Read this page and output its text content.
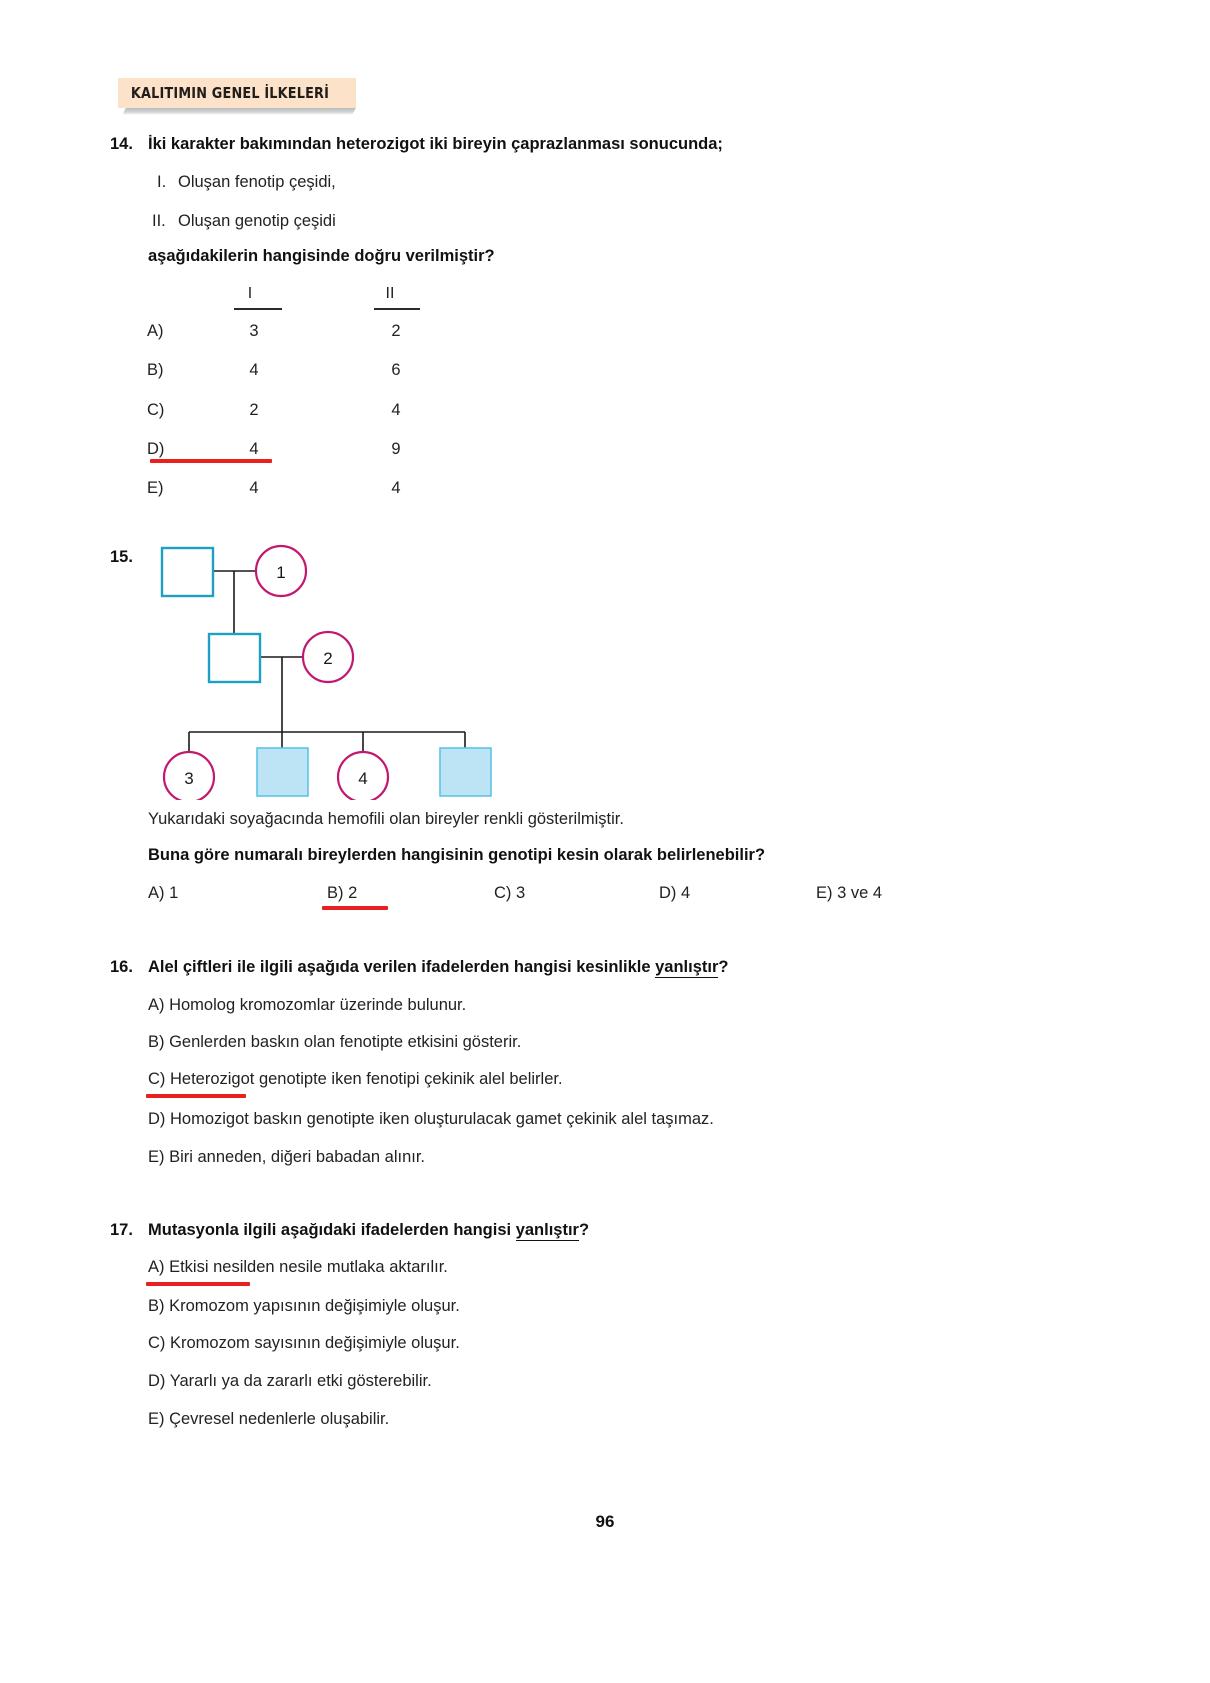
KALITIMIN GENEL İLKELERİ
14. İki karakter bakımından heterozigot iki bireyin çaprazlanması sonucunda;
I. Oluşan fenotip çeşidi,
II. Oluşan genotip çeşidi
aşağıdakilerin hangisinde doğru verilmiştir?
I	II
A)	3	2
B)	4	6
C)	2	4
D)	4	9
E)	4	4
15.
1
2
3	4
Yukarıdaki soyağacında hemofili olan bireyler renkli gösterilmiştir.
Buna göre numaralı bireylerden hangisinin genotipi kesin olarak belirlenebilir?
A) 1	B) 2	C) 3	D) 4	E) 3 ve 4
16. Alel çiftleri ile ilgili aşağıda verilen ifadelerden hangisi kesinlikle yanlıştır?
A) Homolog kromozomlar üzerinde bulunur.
B) Genlerden baskın olan fenotipte etkisini gösterir.
C) Heterozigot genotipte iken fenotipi çekinik alel belirler.
D) Homozigot baskın genotipte iken oluşturulacak gamet çekinik alel taşımaz.
E) Biri anneden, diğeri babadan alınır.
17. Mutasyonla ilgili aşağıdaki ifadelerden hangisi yanlıştır?
A) Etkisi nesilden nesile mutlaka aktarılır.
B) Kromozom yapısının değişimiyle oluşur.
C) Kromozom sayısının değişimiyle oluşur.
D) Yararlı ya da zararlı etki gösterebilir.
E) Çevresel nedenlerle oluşabilir.
96
